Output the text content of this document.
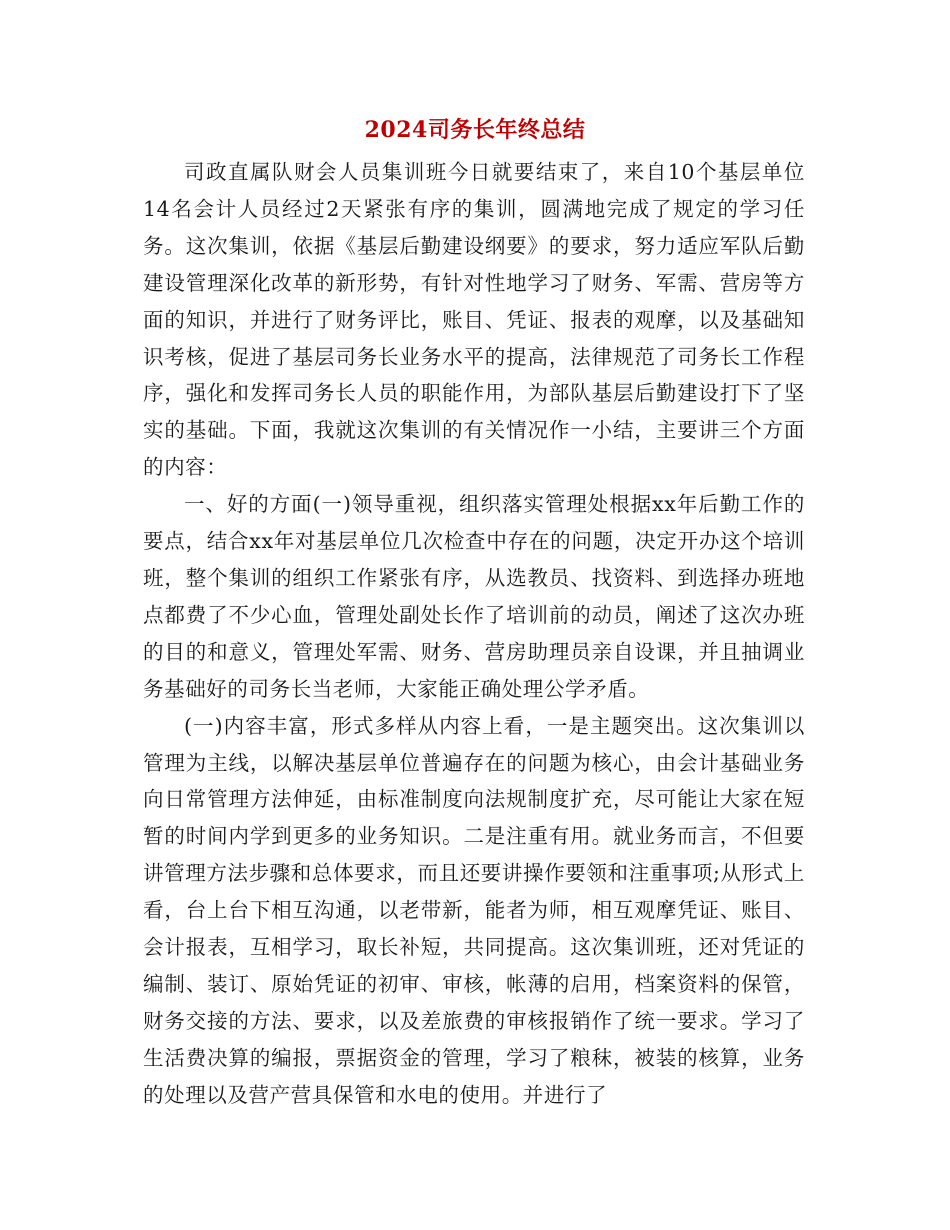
2024司务长年终总结

司政直属队财会人员集训班今日就要结束了，来自10个基层单位14名会计人员经过2天紧张有序的集训，圆满地完成了规定的学习任务。这次集训，依据《基层后勤建设纲要》的要求，努力适应军队后勤建设管理深化改革的新形势，有针对性地学习了财务、军需、营房等方面的知识，并进行了财务评比，账目、凭证、报表的观摩，以及基础知识考核，促进了基层司务长业务水平的提高，法律规范了司务长工作程序，强化和发挥司务长人员的职能作用，为部队基层后勤建设打下了坚实的基础。下面，我就这次集训的有关情况作一小结，主要讲三个方面的内容：

一、好的方面(一)领导重视，组织落实管理处根据xx年后勤工作的要点，结合xx年对基层单位几次检查中存在的问题，决定开办这个培训班，整个集训的组织工作紧张有序，从选教员、找资料、到选择办班地点都费了不少心血，管理处副处长作了培训前的动员，阐述了这次办班的目的和意义，管理处军需、财务、营房助理员亲自设课，并且抽调业务基础好的司务长当老师，大家能正确处理公学矛盾。

(一)内容丰富，形式多样从内容上看，一是主题突出。这次集训以管理为主线，以解决基层单位普遍存在的问题为核心，由会计基础业务向日常管理方法伸延，由标准制度向法规制度扩充，尽可能让大家在短暂的时间内学到更多的业务知识。二是注重有用。就业务而言，不但要讲管理方法步骤和总体要求，而且还要讲操作要领和注重事项;从形式上看，台上台下相互沟通，以老带新，能者为师，相互观摩凭证、账目、会计报表，互相学习，取长补短，共同提高。这次集训班，还对凭证的编制、装订、原始凭证的初审、审核，帐薄的启用，档案资料的保管，财务交接的方法、要求，以及差旅费的审核报销作了统一要求。学习了生活费决算的编报，票据资金的管理，学习了粮秣，被装的核算，业务的处理以及营产营具保管和水电的使用。并进行了
